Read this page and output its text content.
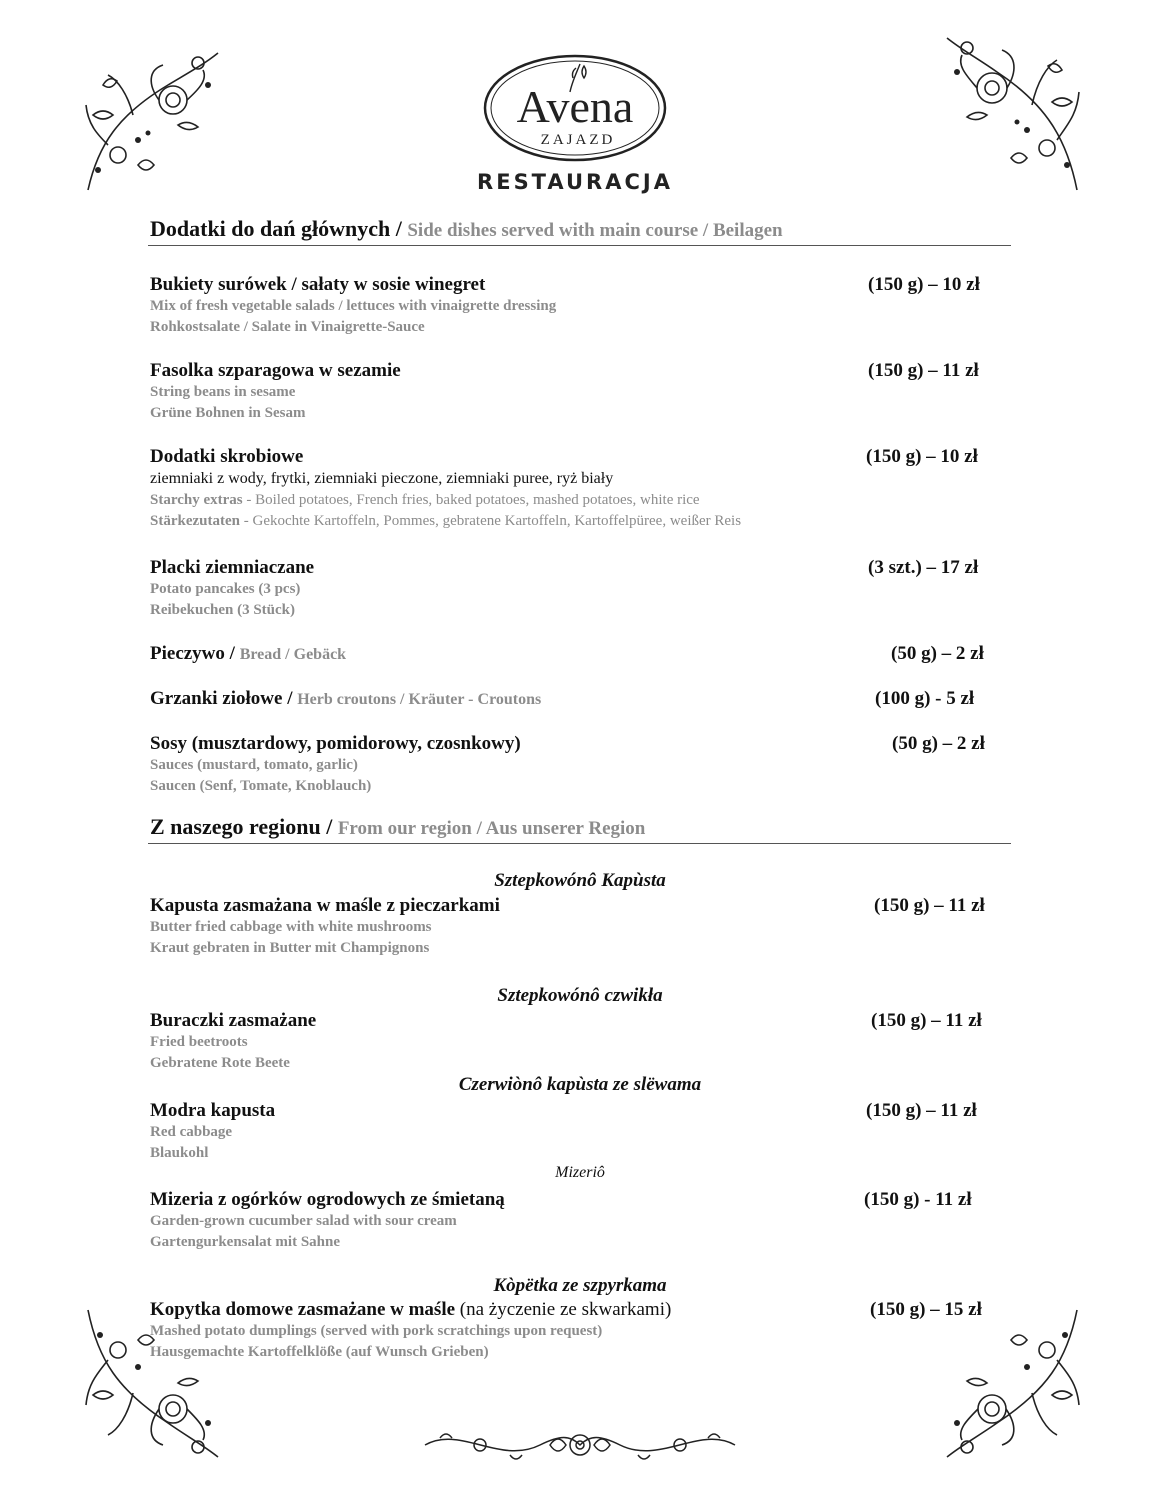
Avena
ZAJAZD
RESTAURACJA
Dodatki do dań głównych / Side dishes served with main course / Beilagen
Bukiety surówek / sałaty w sosie winegret
Mix of fresh vegetable salads / lettuces with vinaigrette dressing
Rohkostsalate / Salate in Vinaigrette-Sauce
(150 g) – 10 zł
Fasolka szparagowa w sezamie
String beans in sesame
Grüne Bohnen in Sesam
(150 g) – 11 zł
Dodatki skrobiowe
ziemniaki z wody, frytki, ziemniaki pieczone, ziemniaki puree, ryż biały
Starchy extras - Boiled potatoes, French fries, baked potatoes, mashed potatoes, white rice
Stärkezutaten - Gekochte Kartoffeln, Pommes, gebratene Kartoffeln, Kartoffelpüree, weißer Reis
(150 g) – 10 zł
Placki ziemniaczane
Potato pancakes (3 pcs)
Reibekuchen (3 Stück)
(3 szt.) – 17 zł
Pieczywo / Bread / Gebäck	(50 g) – 2 zł
Grzanki ziołowe / Herb croutons / Kräuter - Croutons	(100 g) - 5 zł
Sosy (musztardowy, pomidorowy, czosnkowy)
Sauces (mustard, tomato, garlic)
Saucen (Senf, Tomate, Knoblauch)
(50 g) – 2 zł
Z naszego regionu / From our region / Aus unserer Region
Sztepkowónô Kapùsta
Kapusta zasmażana w maśle z pieczarkami
Butter fried cabbage with white mushrooms
Kraut gebraten in Butter mit Champignons
(150 g) – 11 zł
Sztepkowónô czwikła
Buraczki zasmażane
Fried beetroots
Gebratene Rote Beete
(150 g) – 11 zł
Czerwiònô kapùsta ze slëwama
Modra kapusta
Red cabbage
Blaukohl
(150 g) – 11 zł
Mizeriô
Mizeria z ogórków ogrodowych ze śmietaną
Garden-grown cucumber salad with sour cream
Gartengurkensalat mit Sahne
(150 g) - 11 zł
Kòpëtka ze szpyrkama
Kopytka domowe zasmażane w maśle (na życzenie ze skwarkami)
Mashed potato dumplings (served with pork scratchings upon request)
Hausgemachte Kartoffelklöße (auf Wunsch Grieben)
(150 g) – 15 zł
